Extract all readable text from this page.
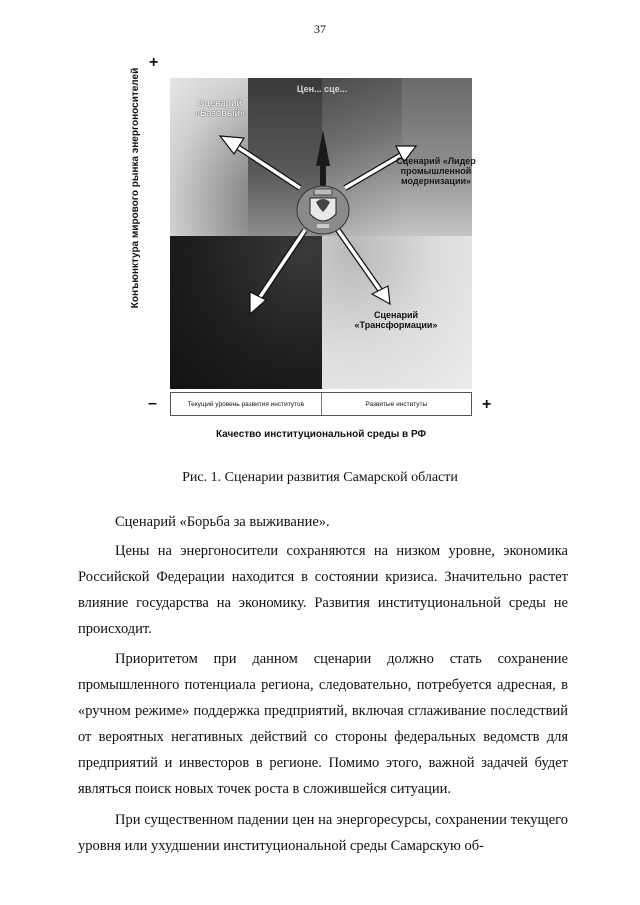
37
Сценарий «Базовый»
Цен... сце...
Сценарий «Лидер промышленной модернизации»
Сценарий «Трансформации»
Конъюнктура мирового рынка энергоносителей
+
–	+
Текущий уровень развития институтов	Развитые институты
Качество институциональной среды в РФ
Рис. 1. Сценарии развития Самарской области

Сценарий «Борьба за выживание».

Цены на энергоносители сохраняются на низком уровне, экономика Российской Федерации находится в состоянии кризиса. Значительно растет влияние государства на экономику. Развития институциональной среды не происходит.

Приоритетом при данном сценарии должно стать сохранение промышленного потенциала региона, следовательно, потребуется адресная, в «ручном режиме» поддержка предприятий, включая сглаживание последствий от вероятных негативных действий со стороны федеральных ведомств для предприятий и инвесторов в регионе. Помимо этого, важной задачей будет являться поиск новых точек роста в сложившейся ситуации.

При существенном падении цен на энергоресурсы, сохранении текущего уровня или ухудшении институциональной среды Самарскую об-
